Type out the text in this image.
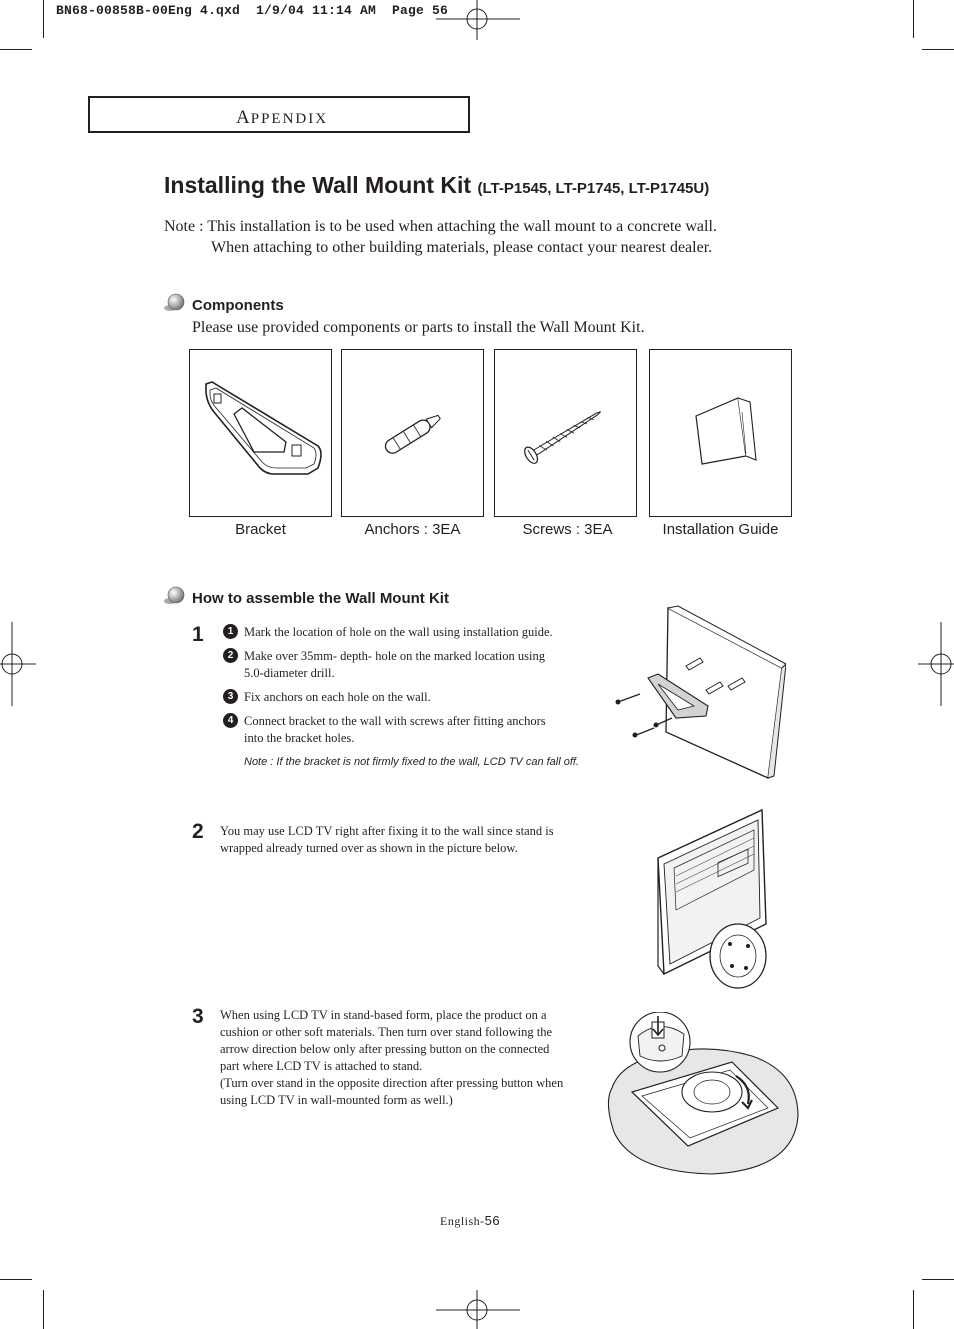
BN68-00858B-00Eng 4.qxd  1/9/04 11:14 AM  Page 56
APPENDIX
Installing the Wall Mount Kit (LT-P1545, LT-P1745, LT-P1745U)
Note : This installation is to be used when attaching the wall mount to a concrete wall.
When attaching to other building materials, please contact your nearest dealer.
Components
Please use provided components or parts to install the Wall Mount Kit.
Bracket	Anchors : 3EA	Screws : 3EA	Installation Guide
How to assemble the Wall Mount Kit
1	1 Mark the location of hole on the wall using installation guide.
2 Make over 35mm- depth- hole on the marked location using
5.0-diameter drill.
3 Fix anchors on each hole on the wall.
4 Connect bracket to the wall with screws after fitting anchors
into the bracket holes.
Note : If the bracket is not firmly fixed to the wall, LCD TV can fall off.
2 You may use LCD TV right after fixing it to the wall since stand is
wrapped already turned over as shown in the picture below.
3 When using LCD TV in stand-based form, place the product on a
cushion or other soft materials. Then turn over stand following the
arrow direction below only after pressing button on the connected
part where LCD TV is attached to stand.
(Turn over stand in the opposite direction after pressing button when
using LCD TV in wall-mounted form as well.)
English-56
